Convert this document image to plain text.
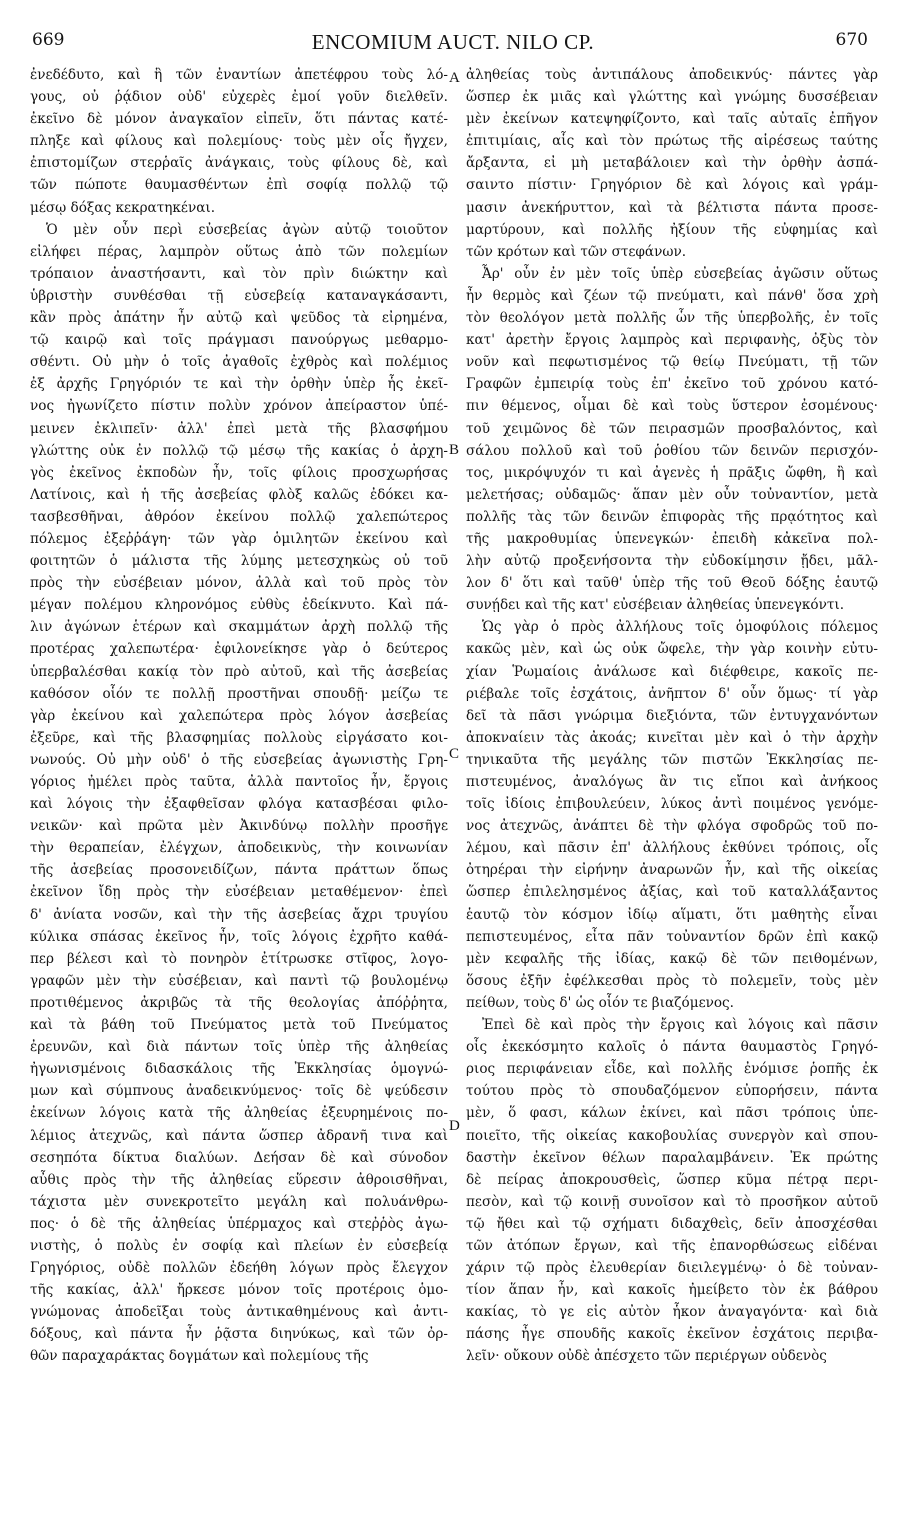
669	ENCOMIUM AUCT. NILO CP.	670
ἐνεδέδυτο, καὶ ἣ τῶν ἐναντίων ἀπετέφρου τοὺς λό-
γους, οὐ ῥᾴδιον οὐδ' εὐχερὲς ἐμοί γοῦν διελθεῖν.
ἐκεῖνο δὲ μόνον ἀναγκαῖον εἰπεῖν, ὅτι πάντας κατέ-
πληξε καὶ φίλους καὶ πολεμίους· τοὺς μὲν οἷς ἤγχεν,
ἐπιστομίζων στερῥαῖς ἀνάγκαις, τοὺς φίλους δὲ, καὶ
τῶν πώποτε θαυμασθέντων ἐπὶ σοφίᾳ πολλῷ τῷ
μέσῳ δόξας κεκρατηκέναι.
Ὁ μὲν οὖν περὶ εὐσεβείας ἀγὼν αὐτῷ τοιοῦτον
εἰλήφει πέρας, λαμπρὸν οὕτως ἀπὸ τῶν πολεμίων
τρόπαιον ἀναστήσαντι, καὶ τὸν πρὶν διώκτην καὶ
ὑβριστὴν συνθέσθαι τῇ εὐσεβείᾳ καταναγκάσαντι,
κἂν πρὸς ἀπάτην ἦν αὐτῷ καὶ ψεῦδος τὰ εἰρημένα,
τῷ καιρῷ καὶ τοῖς πράγμασι πανούργως μεθαρμο-
σθέντι. Οὐ μὴν ὁ τοῖς ἀγαθοῖς ἐχθρὸς καὶ πολέμιος
ἐξ ἀρχῆς Γρηγόριόν τε καὶ τὴν ὀρθὴν ὑπὲρ ἧς ἐκεῖ-
νος ἠγωνίζετο πίστιν πολὺν χρόνον ἀπείραστον ὑπέ-
μεινεν ἐκλιπεῖν· ἀλλ' ἐπεὶ μετὰ τῆς βλασφήμου
γλώττης οὐκ ἐν πολλῷ τῷ μέσῳ τῆς κακίας ὁ ἀρχη-
γὸς ἐκεῖνος ἐκποδὼν ἦν, τοῖς φίλοις προσχωρήσας
Λατίνοις, καὶ ἡ τῆς ἀσεβείας φλὸξ καλῶς ἐδόκει κα-
τασβεσθῆναι, ἀθρόον ἐκείνου πολλῷ χαλεπώτερος
πόλεμος ἐξεῤῥάγη· τῶν γὰρ ὁμιλητῶν ἐκείνου καὶ
φοιτητῶν ὁ μάλιστα τῆς λύμης μετεσχηκὼς οὐ τοῦ
πρὸς τὴν εὐσέβειαν μόνον, ἀλλὰ καὶ τοῦ πρὸς τὸν
μέγαν πολέμου κληρονόμος εὐθὺς ἐδείκνυτο. Καὶ πά-
λιν ἀγώνων ἑτέρων καὶ σκαμμάτων ἀρχὴ πολλῷ τῆς
προτέρας χαλεπωτέρα· ἐφιλονείκησε γὰρ ὁ δεύτερος
ὑπερβαλέσθαι κακίᾳ τὸν πρὸ αὐτοῦ, καὶ τῆς ἀσεβείας
καθόσον οἷόν τε πολλῇ προστῆναι σπουδῇ· μείζω τε
γὰρ ἐκείνου καὶ χαλεπώτερα πρὸς λόγον ἀσεβείας
ἐξεῦρε, καὶ τῆς βλασφημίας πολλοὺς εἰργάσατο κοι-
νωνούς. Οὐ μὴν οὐδ' ὁ τῆς εὐσεβείας ἀγωνιστὴς Γρη-
γόριος ἠμέλει πρὸς ταῦτα, ἀλλὰ παντοῖος ἦν, ἔργοις
καὶ λόγοις τὴν ἐξαφθεῖσαν φλόγα κατασβέσαι φιλο-
νεικῶν· καὶ πρῶτα μὲν Ἀκινδύνῳ πολλὴν προσῆγε
τὴν θεραπείαν, ἐλέγχων, ἀποδεικνὺς, τὴν κοινωνίαν
τῆς ἀσεβείας προσονειδίζων, πάντα πράττων ὅπως
ἐκεῖνον ἴδῃ πρὸς τὴν εὐσέβειαν μεταθέμενον· ἐπεὶ
δ' ἀνίατα νοσῶν, καὶ τὴν τῆς ἀσεβείας ἄχρι τρυγίου
κύλικα σπάσας ἐκεῖνος ἦν, τοῖς λόγοις ἐχρῆτο καθά-
περ βέλεσι καὶ τὸ πονηρὸν ἐτίτρωσκε στῖφος, λογο-
γραφῶν μὲν τὴν εὐσέβειαν, καὶ παντὶ τῷ βουλομένῳ
προτιθέμενος ἀκριβῶς τὰ τῆς θεολογίας ἀπόῤῥητα,
καὶ τὰ βάθη τοῦ Πνεύματος μετὰ τοῦ Πνεύματος
ἐρευνῶν, καὶ διὰ πάντων τοῖς ὑπὲρ τῆς ἀληθείας
ἠγωνισμένοις διδασκάλοις τῆς Ἐκκλησίας ὁμογνώ-
μων καὶ σύμπνους ἀναδεικνύμενος· τοῖς δὲ ψεύδεσιν
ἐκείνων λόγοις κατὰ τῆς ἀληθείας ἐξευρημένοις πο-
λέμιος ἀτεχνῶς, καὶ πάντα ὥσπερ ἀδρανῆ τινα καὶ
σεσηπότα δίκτυα διαλύων. Δεήσαν δὲ καὶ σύνοδον
αὖθις πρὸς τὴν τῆς ἀληθείας εὕρεσιν ἀθροισθῆναι,
τάχιστα μὲν συνεκροτεῖτο μεγάλη καὶ πολυάνθρω-
πος· ὁ δὲ τῆς ἀληθείας ὑπέρμαχος καὶ στεῤῥὸς ἀγω-
νιστὴς, ὁ πολὺς ἐν σοφίᾳ καὶ πλείων ἐν εὐσεβείᾳ
Γρηγόριος, οὐδὲ πολλῶν ἐδεήθη λόγων πρὸς ἔλεγχον
τῆς κακίας, ἀλλ' ἤρκεσε μόνον τοῖς προτέροις ὁμο-
γνώμονας ἀποδεῖξαι τοὺς ἀντικαθημένους καὶ ἀντι-
δόξους, καὶ πάντα ἦν ῥᾷστα διηνύκως, καὶ τῶν ὀρ-
θῶν παραχαράκτας δογμάτων καὶ πολεμίους τῆς
ἀληθείας τοὺς ἀντιπάλους ἀποδεικνύς· πάντες γὰρ
ὥσπερ ἐκ μιᾶς καὶ γλώττης καὶ γνώμης δυσσέβειαν
μὲν ἐκείνων κατεψηφίζοντο, καὶ ταῖς αὐταῖς ἐπῆγον
ἐπιτιμίαις, αἷς καὶ τὸν πρώτως τῆς αἱρέσεως ταύτης
ἄρξαντα, εἰ μὴ μεταβάλοιεν καὶ τὴν ὀρθὴν ἀσπά-
σαιντο πίστιν· Γρηγόριον δὲ καὶ λόγοις καὶ γράμ-
μασιν ἀνεκήρυττον, καὶ τὰ βέλτιστα πάντα προσε-
μαρτύρουν, καὶ πολλῆς ἠξίουν τῆς εὐφημίας καὶ
τῶν κρότων καὶ τῶν στεφάνων.
Ἆρ' οὖν ἐν μὲν τοῖς ὑπὲρ εὐσεβείας ἀγῶσιν οὕτως
ἦν θερμὸς καὶ ζέων τῷ πνεύματι, καὶ πάνθ' ὅσα χρὴ
τὸν θεολόγον μετὰ πολλῆς ὧν τῆς ὑπερβολῆς, ἐν τοῖς
κατ' ἀρετὴν ἔργοις λαμπρὸς καὶ περιφανὴς, ὀξὺς τὸν
νοῦν καὶ πεφωτισμένος τῷ θείῳ Πνεύματι, τῇ τῶν
Γραφῶν ἐμπειρίᾳ τοὺς ἐπ' ἐκεῖνο τοῦ χρόνου κατό-
πιν θέμενος, οἶμαι δὲ καὶ τοὺς ὕστερον ἐσομένους·
τοῦ χειμῶνος δὲ τῶν πειρασμῶν προσβαλόντος, καὶ
σάλου πολλοῦ καὶ τοῦ ῥοθίου τῶν δεινῶν περισχόν-
τος, μικρόψυχόν τι καὶ ἀγενὲς ἡ πρᾶξις ὤφθη, ἢ καὶ
μελετήσας; οὐδαμῶς· ἅπαν μὲν οὖν τοὐναντίον, μετὰ
πολλῆς τὰς τῶν δεινῶν ἐπιφορὰς τῆς πρᾳότητος καὶ
τῆς μακροθυμίας ὑπενεγκών· ἐπειδὴ κἀκεῖνα πολ-
λὴν αὐτῷ προξενήσοντα τὴν εὐδοκίμησιν ᾔδει, μᾶλ-
λον δ' ὅτι καὶ ταῦθ' ὑπὲρ τῆς τοῦ Θεοῦ δόξης ἑαυτῷ
συνῄδει καὶ τῆς κατ' εὐσέβειαν ἀληθείας ὑπενεγκόντι.
Ὡς γὰρ ὁ πρὸς ἀλλήλους τοῖς ὁμοφύλοις πόλεμος
κακῶς μὲν, καὶ ὡς οὐκ ὤφελε, τὴν γὰρ κοινὴν εὐτυ-
χίαν Ῥωμαίοις ἀνάλωσε καὶ διέφθειρε, κακοῖς πε-
ριέβαλε τοῖς ἐσχάτοις, ἀνῆπτον δ' οὖν ὅμως· τί γὰρ
δεῖ τὰ πᾶσι γνώριμα διεξιόντα, τῶν ἐντυγχανόντων
ἀποκναίειν τὰς ἀκοάς; κινεῖται μὲν καὶ ὁ τὴν ἀρχὴν
τηνικαῦτα τῆς μεγάλης τῶν πιστῶν Ἐκκλησίας πε-
πιστευμένος, ἀναλόγως ἂν τις εἴποι καὶ ἀνήκοος
τοῖς ἰδίοις ἐπιβουλεύειν, λύκος ἀντὶ ποιμένος γενόμε-
νος ἀτεχνῶς, ἀνάπτει δὲ τὴν φλόγα σφοδρῶς τοῦ πο-
λέμου, καὶ πᾶσιν ἐπ' ἀλλήλους ἐκθύνει τρόποις, οἷς
ὀτηρέραι τὴν εἰρήνην ἀναρωνῶν ἦν, καὶ τῆς οἰκείας
ὥσπερ ἐπιλελησμένος ἀξίας, καὶ τοῦ καταλλάξαντος
ἑαυτῷ τὸν κόσμον ἰδίῳ αἵματι, ὅτι μαθητὴς εἶναι
πεπιστευμένος, εἶτα πᾶν τοὐναντίον δρῶν ἐπὶ κακῷ
μὲν κεφαλῆς τῆς ἰδίας, κακῷ δὲ τῶν πειθομένων,
ὅσους ἐξῆν ἐφέλκεσθαι πρὸς τὸ πολεμεῖν, τοὺς μὲν
πείθων, τοὺς δ' ὡς οἷόν τε βιαζόμενος.
Ἐπεὶ δὲ καὶ πρὸς τὴν ἔργοις καὶ λόγοις καὶ πᾶσιν
οἷς ἐκεκόσμητο καλοῖς ὁ πάντα θαυμαστὸς Γρηγό-
ριος περιφάνειαν εἶδε, καὶ πολλῆς ἐνόμισε ῥοπῆς ἐκ
τούτου πρὸς τὸ σπουδαζόμενον εὐπορήσειν, πάντα
μὲν, ὅ φασι, κάλων ἐκίνει, καὶ πᾶσι τρόποις ὑπε-
ποιεῖτο, τῆς οἰκείας κακοβουλίας συνεργὸν καὶ σπου-
δαστὴν ἐκεῖνον θέλων παραλαμβάνειν. Ἐκ πρώτης
δὲ πείρας ἀποκρουσθεὶς, ὥσπερ κῦμα πέτρᾳ περι-
πεσὸν, καὶ τῷ κοινῇ συνοῖσον καὶ τὸ προσῆκον αὐτοῦ
τῷ ἤθει καὶ τῷ σχήματι διδαχθεὶς, δεῖν ἀποσχέσθαι
τῶν ἀτόπων ἔργων, καὶ τῆς ἐπανορθώσεως εἰδέναι
χάριν τῷ πρὸς ἐλευθερίαν διειλεγμένῳ· ὁ δὲ τοὐναν-
τίον ἅπαν ἦν, καὶ κακοῖς ἠμείβετο τὸν ἐκ βάθρου
κακίας, τὸ γε εἰς αὐτὸν ἧκον ἀναγαγόντα· καὶ διὰ
πάσης ἦγε σπουδῆς κακοῖς ἐκεῖνον ἐσχάτοις περιβα-
λεῖν· οὔκουν οὐδὲ ἀπέσχετο τῶν περιέργων οὐδενὸς
A
B
C
D
